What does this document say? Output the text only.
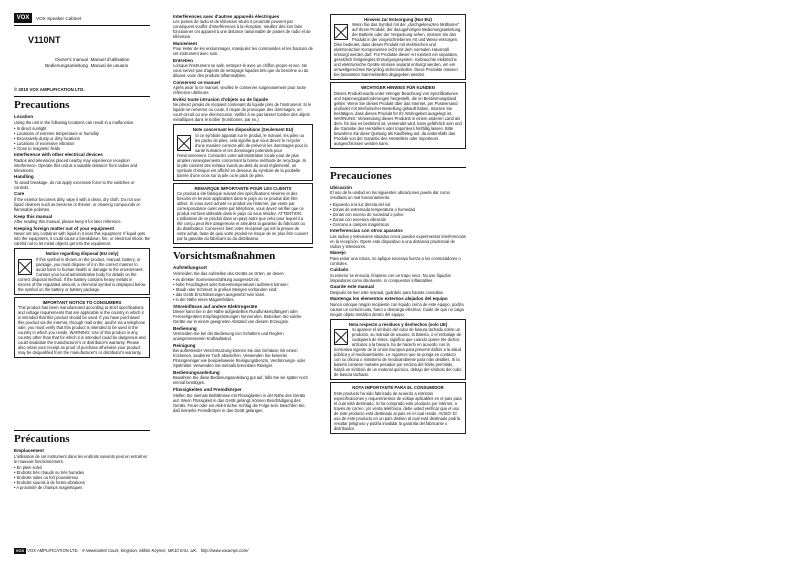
VOX	VOX Speaker Cabinet
V110NT
Owner's manual Manuel d'utilisation
Bedienungsanleitung Manual de usuario
© 2010 VOX AMPLIFICATION LTD.
Precautions
Location
Using the unit in the following locations can result in a malfunction.
• In direct sunlight
• Locations of extreme temperature or humidity
• Excessively dusty or dirty locations
• Locations of excessive vibration
• Close to magnetic fields
Interference with other electrical devices
Radios and televisions placed nearby may experience reception interference. Operate this unit at a suitable distance from radios and televisions.
Handling
To avoid breakage, do not apply excessive force to the switches or controls.
Care
If the exterior becomes dirty, wipe it with a clean, dry cloth. Do not use liquid cleaners such as benzene or thinner, or cleaning compounds or flammable polishes.
Keep this manual
After reading this manual, please keep it for later reference.
Keeping foreign matter out of your equipment
Never set any container with liquid in it near this equipment. If liquid gets into the equipment, it could cause a breakdown, fire, or electrical shock. Be careful not to let metal objects get into the equipment.
Notice regarding disposal (EU only)
If this symbol is shown on the product, manual, battery, or package, you must dispose of it in the correct manner to avoid harm to human health or damage to the environment. Contact your local administrative body for details on the correct disposal method. If the battery contains heavy metals in excess of the regulated amount, a chemical symbol is displayed below the symbol on the battery or battery package.
IMPORTANT NOTICE TO CONSUMERS
This product has been manufactured according to strict specifications and voltage requirements that are applicable in the country in which it is intended that this product should be used. If you have purchased this product via the internet, through mail order, and/or via a telephone sale, you must verify that this product is intended to be used in the country in which you reside. WARNING: Use of this product in any country other than that for which it is intended could be dangerous and could invalidate the manufacturer's or distributor's warranty. Please also retain your receipt as proof of purchase otherwise your product may be disqualified from the manufacturer's or distributor's warranty.
Précautions
Emplacement
L'utilisation de cet instrument dans les endroits suivants peut en entraîner le mauvais fonctionnement.
• En plein soleil
• Endroits très chauds ou très humides
• Endroits sales ou fort poussiéreux
• Endroits soumis à de fortes vibrations
• A proximité de champs magnétiques
Interférences avec d'autres appareils électriques
Les postes de radio et de télévision situés à proximité peuvent par conséquent souffrir d'interférences à la réception. Veuillez dès lors faire fonctionner cet appareil à une distance raisonnable de postes de radio et de télévision.
Maniement
Pour éviter de les endommager, manipulez les commandes et les boutons de cet instrument avec soin.
Entretien
Lorsque l'instrument se salit, nettoyez-le avec un chiffon propre et sec. Ne vous servez pas d'agents de nettoyage liquides tels que du benzène ou du diluant, voire des produits inflammables.
Conservez ce manuel
Après avoir lu ce manuel, veuillez le conserver soigneusement pour toute référence ultérieure.
Evitez toute intrusion d'objets ou de liquide
Ne placez jamais de récipient contenant du liquide près de l'instrument. Si le liquide se renverse ou coule, il risque de provoquer des dommages, un court-circuit ou une électrocution. Veillez à ne pas laisser tomber des objets métalliques dans le boîtier (trombones, par ex.).
Note concernant les dispositions (Seulement EU)
Si ce symbole apparait sur le produit, le manuel, les piles ou les packs de piles, cela signifie que vous devez le recycler d'une manière correcte afin de prévenir les dommages pour la santé humaine et les dommages potentiels pour l'environnement. Contactez votre administration locale pour de plus amples renseignements concernant la bonne méthode de recyclage. Si la pile contient des métaux lourds au-delà du seuil réglementé, un symbole chimique est affiché en dessous du symbole de la poubelle barrée d'une croix sur la pile ou le pack de piles.
REMARQUE IMPORTANTE POUR LES CLIENTS
Ce produit a été fabriqué suivant des spécifications sévères et des besoins en tension applicables dans le pays où ce produit doit être utilisé. Si vous avez acheté ce produit via l'internet, par vente par correspondance ou/et vente par téléphone, vous devez vérifier que ce produit est bien utilisable dans le pays où vous résidez. ATTENTION: L'utilisation de ce produit dans un pays autre que celui pour lequel il a été conçu peut être dangereuse et annulera la garantie du fabricant ou du distributeur. Conservez bien votre récépissé qui est la preuve de votre achat, faute de quoi votre produit ne risque de ne plus être couvert par la garantie du fabricant ou du distributeur.
Vorsichtsmaßnahmen
Aufstellungsort
Vermeiden Sie das Aufstellen des Geräts an Orten, an denen
• es direkter Sonneneinstrahlung ausgesetzt ist;
• hohe Feuchtigkeit oder Extremtemperaturen auftreten können;
• Staub oder Schmutz in großen Mengen vorhanden sind;
• das Gerät Erschütterungen ausgesetzt sein kann.
• in der Nähe eines Magnetfeldes.
Störeinflüsse auf andere Elektrogeräte
Dieser kann bei in der Nähe aufgestellten Rundfunkempfängern oder Fernsehgeräten Empfangsstörungen hervorrufen. Betreiben Sie solche Geräte nur in einem geeigneten Abstand von diesem Erzeugnis.
Bedienung
Vermeiden Sie bei der Bedienung von Schaltern und Reglern unangemessenen Kraftaufwand.
Reinigung
Bei auftretender Verschmutzung können Sie das Gehäuse mit einem trockenen, sauberen Tuch abwischen. Verwenden Sie keinerlei Flüssigreiniger wie beispielsweise Reinigungsbenzin, Verdünnungs- oder Spülmittel. Verwenden Sie niemals brennbare Reiniger.
Bedienungsanleitung
Bewahren Sie diese Bedienungsanleitung gut auf, falls Sie sie später noch einmal benötigen.
Flüssigkeiten und Fremdkörper
Stellen Sie niemals Behältnisse mit Flüssigkeiten in der Nähe des Geräts auf. Wenn Flüssigkeit in das Gerät gelangt, können Beschädigung des Geräts, Feuer oder ein elek-trischer Schlag die Folge sein. Beachten Sie, daß keinerlei Fremdkörper in das Gerät gelangen.
Hinweis zur Entsorgung (Nur EU)
Wenn Sie das Symbol mit der „durchgekreuzten Mülltonne“ auf Ihrem Produkt, der dazugehörigen Bedienungsanleitung, der Batterie oder der Verpackung sehen, müssen Sie das Produkt in der vorgeschriebenen Art und Weise entsorgen. Dies bedeutet, dass dieses Produkt mit elektrischen und elektronischen Komponenten nicht mit dem normalen Hausmüll entsorgt werden darf. Für Produkte dieser Art existiert ein separates, gesetzlich festgelegtes Entsorgungssystem. Gebrauchte elektrische und elektronische Geräte müssen separat entsorgt werden, um ein umweltgerechtes Recycling sicherzustellen. Diese Produkte müssen bei benannten Sammelstellen abgegeben werden.
WICHTIGER HINWEIS FÜR KUNDEN
Dieses Produkt wurde unter strenger Beachtung von Spezifikationen und Spannungsanforderungen hergestellt, die im Bestimmungsland gelten. Wenn Sie dieses Produkt über das Internet, per Postversand und/oder mit telefonischer Bestellung gekauft haben, müssen Sie bestätigen, dass dieses Produkt für Ihr Wohngebiet ausgelegt ist. WARNUNG: Verwendung dieses Produkts in einem anderen Land als dem, für das es bestimmt ist, verwendet wird, kann gefährlich sein und die Garantie des Herstellers oder Importeurs hinfällig lassen. Bitte bewahren Sie diese Quittung als Kaufbeleg auf, da andernfalls das Produkt von der Garantie des Herstellers oder Importeurs ausgeschlossen werden kann.
Precauciones
Ubicación
El uso de la unidad en las siguientes ubicaciones puede dar como resultado un mal funcionamiento:
• Expuesto a la luz directa del sol
• Zonas de extremada temperatura o humedad
• Zonas con exceso de suciedad o polvo
• Zonas con excesiva vibración
• Cercano a campos magnéticos
Interferencias con otros aparatos
Las radios y televisores situados cerca pueden experimentar interferencias en la recepción. Opere este dispositivo a una distancia prudencial de radios y televisores.
Manejo
Para evitar una rotura, no aplique excesiva fuerza a los conmutadores o controles.
Cuidado
Si exterior se ensucia, límpiese con un trapo seco. No use líquidos limpiadores como disolvente, ni compuestos inflamables.
Guarde este manual
Después de leer este manual, guárdelo para futuras consultas.
Mantenga los elementos externos alejados del equipo
Nunca coloque ningún recipiente con líquido cerca de este equipo, podría causar un cortocircuito, fuero o descarga eléctrica. Cuide de que no caiga ningún objeto metálico dentro del equipo.
Nota respecto a residuos y deshechos (solo UE)
Si aparece el símbolo del cubo de basura tachado sobre un producto, su manual de usuario, la batería, o el embalaje de cualquiera de éstos, significa que cuando quiere tire dichos artículos a la basura, ha de hacerlo en acuerdo con la normativa vigente de la Unión Europea para prevenir daños a la salud pública y al medioambiente. Le rogamos que se ponga en contacto con su oficina o ministerio de medioambiente para más detalles. Si la batería contiene metales pesados por encima del límite permitido, habrá un símbolo de un material químico, debajo del símbolo del cubo de basura tachado.
NOTA IMPORTANTE PARA EL CONSUMIDOR
Este producto ha sido fabricado de acuerdo a estrictas especificaciones y requerimientos de voltaje aplicables en el país para el cual está destinado. Si ha comprado este producto por internet, a través de correo, y/o venta telefónica, debe usted verificar que el uso de este producto está destinado al país en el cual reside. AVISO: El uso de este producto en un país distinto al cual está destinado podría resultar peligroso y podría invalidar la garantía del fabricante o distribuidor.
VOX VOX AMPLIFICATION LTD. 9 Newmarket Court, Kingston, Milton Keynes, MK10 0AU, UK. http://www.voxamps.com/
